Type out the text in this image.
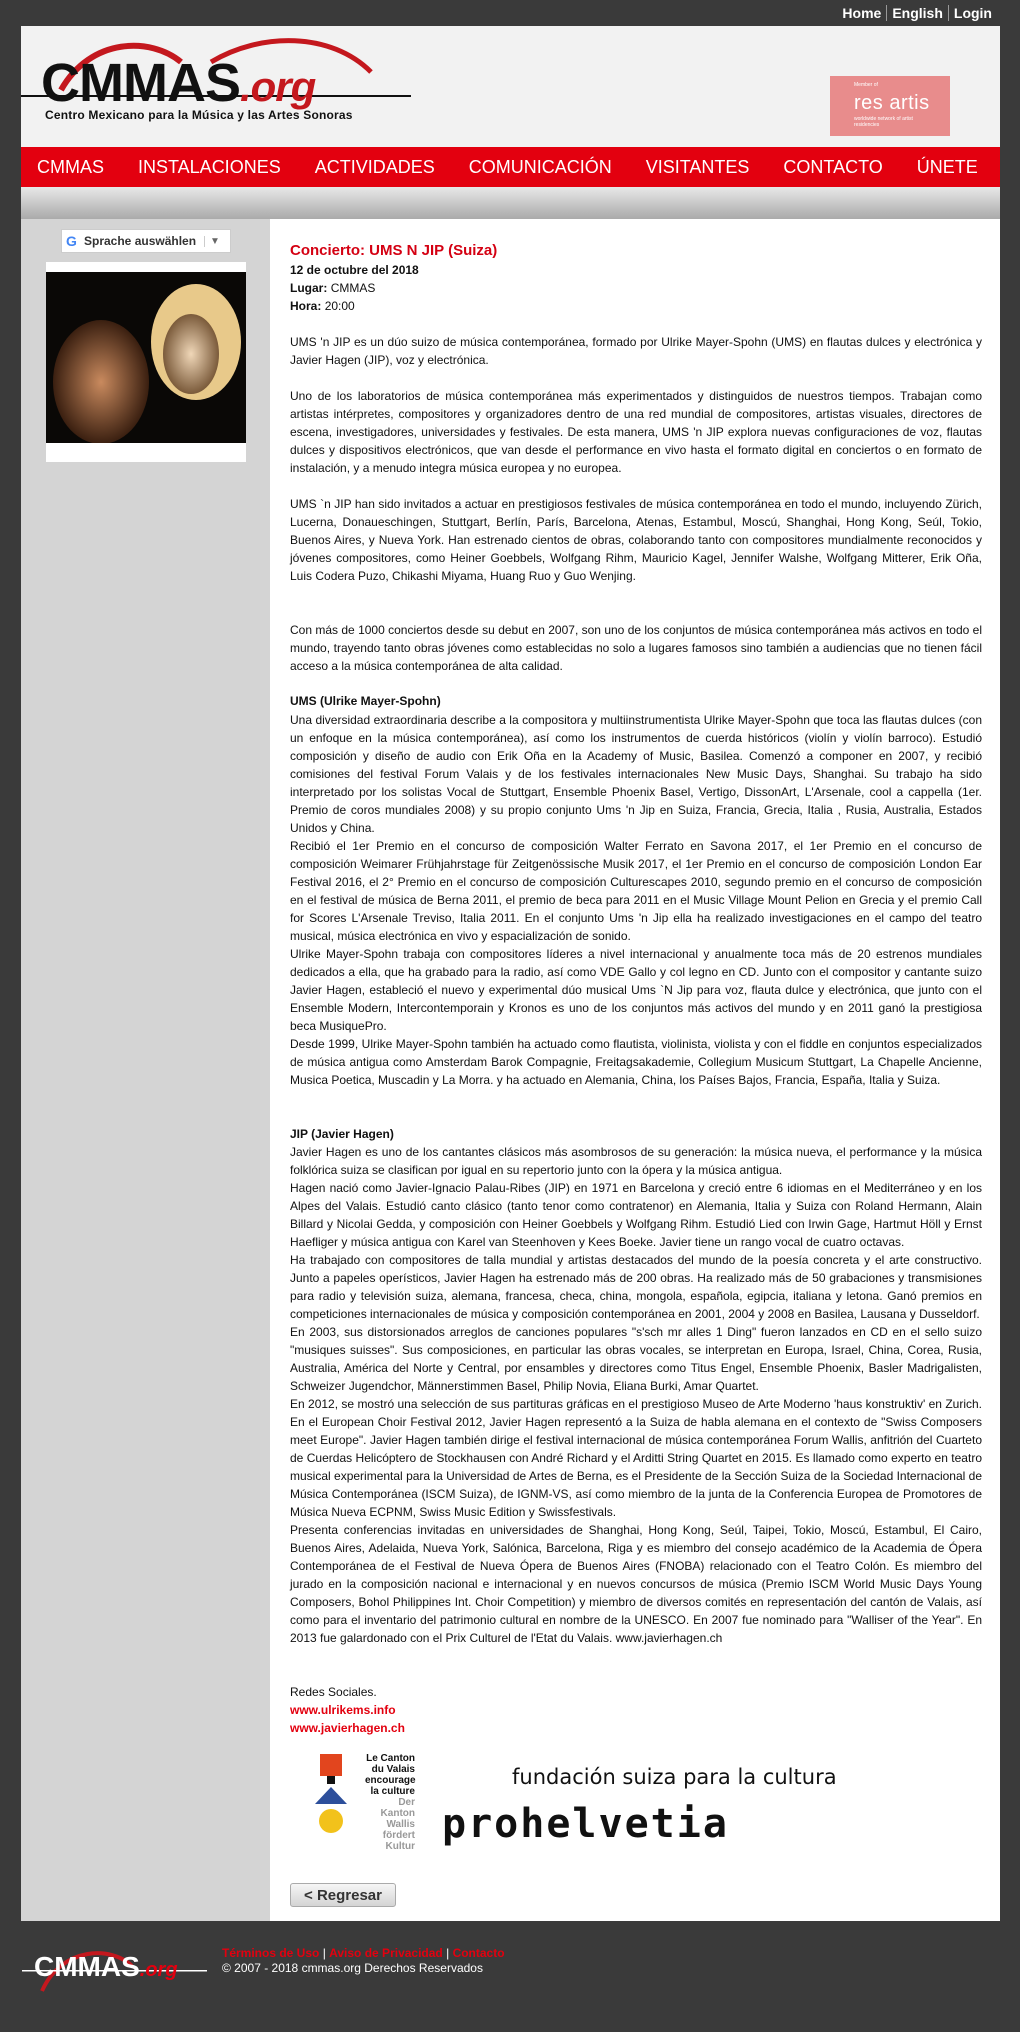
Home English Login
CMMAS.org
Centro Mexicano para la Música y las Artes Sonoras
Member of
res artis
worldwide network of artist residencies
CMMAS	INSTALACIONES	ACTIVIDADES	COMUNICACIÓN	VISITANTES	CONTACTO	ÚNETE
G Sprache auswählen	▼
Concierto: UMS N JIP (Suiza)
12 de octubre del 2018
Lugar: CMMAS
Hora: 20:00

UMS 'n JIP es un dúo suizo de música contemporánea, formado por Ulrike Mayer-Spohn (UMS) en flautas dulces y electrónica y Javier Hagen (JIP), voz y electrónica.

Uno de los laboratorios de música contemporánea más experimentados y distinguidos de nuestros tiempos. Trabajan como artistas intérpretes, compositores y organizadores dentro de una red mundial de compositores, artistas visuales, directores de escena, investigadores, universidades y festivales. De esta manera, UMS 'n JIP explora nuevas configuraciones de voz, flautas dulces y dispositivos electrónicos, que van desde el performance en vivo hasta el formato digital en conciertos o en formato de instalación, y a menudo integra música europea y no europea.

UMS `n JIP han sido invitados a actuar en prestigiosos festivales de música contemporánea en todo el mundo, incluyendo Zürich, Lucerna, Donaueschingen, Stuttgart, Berlín, París, Barcelona, Atenas, Estambul, Moscú, Shanghai, Hong Kong, Seúl, Tokio, Buenos Aires, y Nueva York. Han estrenado cientos de obras, colaborando tanto con compositores mundialmente reconocidos y jóvenes compositores, como Heiner Goebbels, Wolfgang Rihm, Mauricio Kagel, Jennifer Walshe, Wolfgang Mitterer, Erik Oña, Luis Codera Puzo, Chikashi Miyama, Huang Ruo y Guo Wenjing.

Con más de 1000 conciertos desde su debut en 2007, son uno de los conjuntos de música contemporánea más activos en todo el mundo, trayendo tanto obras jóvenes como establecidas no solo a lugares famosos sino también a audiencias que no tienen fácil acceso a la música contemporánea de alta calidad.

UMS (Ulrike Mayer-Spohn)

Una diversidad extraordinaria describe a la compositora y multiinstrumentista Ulrike Mayer-Spohn que toca las flautas dulces (con un enfoque en la música contemporánea), así como los instrumentos de cuerda históricos (violín y violín barroco). Estudió composición y diseño de audio con Erik Oña en la Academy of Music, Basilea. Comenzó a componer en 2007, y recibió comisiones del festival Forum Valais y de los festivales internacionales New Music Days, Shanghai. Su trabajo ha sido interpretado por los solistas Vocal de Stuttgart, Ensemble Phoenix Basel, Vertigo, DissonArt, L'Arsenale, cool a cappella (1er. Premio de coros mundiales 2008) y su propio conjunto Ums 'n Jip en Suiza, Francia, Grecia, Italia , Rusia, Australia, Estados Unidos y China.
Recibió el 1er Premio en el concurso de composición Walter Ferrato en Savona 2017, el 1er Premio en el concurso de composición Weimarer Frühjahrstage für Zeitgenössische Musik 2017, el 1er Premio en el concurso de composición London Ear Festival 2016, el 2° Premio en el concurso de composición Culturescapes 2010, segundo premio en el concurso de composición en el festival de música de Berna 2011, el premio de beca para 2011 en el Music Village Mount Pelion en Grecia y el premio Call for Scores L'Arsenale Treviso, Italia 2011. En el conjunto Ums 'n Jip ella ha realizado investigaciones en el campo del teatro musical, música electrónica en vivo y espacialización de sonido.
Ulrike Mayer-Spohn trabaja con compositores líderes a nivel internacional y anualmente toca más de 20 estrenos mundiales dedicados a ella, que ha grabado para la radio, así como VDE Gallo y col legno en CD. Junto con el compositor y cantante suizo Javier Hagen, estableció el nuevo y experimental dúo musical Ums `N Jip para voz, flauta dulce y electrónica, que junto con el Ensemble Modern, Intercontemporain y Kronos es uno de los conjuntos más activos del mundo y en 2011 ganó la prestigiosa beca MusiquePro.
Desde 1999, Ulrike Mayer-Spohn también ha actuado como flautista, violinista, violista y con el fiddle en conjuntos especializados de música antigua como Amsterdam Barok Compagnie, Freitagsakademie, Collegium Musicum Stuttgart, La Chapelle Ancienne, Musica Poetica, Muscadin y La Morra. y ha actuado en Alemania, China, los Países Bajos, Francia, España, Italia y Suiza.

JIP (Javier Hagen)

Javier Hagen es uno de los cantantes clásicos más asombrosos de su generación: la música nueva, el performance y la música folklórica suiza se clasifican por igual en su repertorio junto con la ópera y la música antigua.
Hagen nació como Javier-Ignacio Palau-Ribes (JIP) en 1971 en Barcelona y creció entre 6 idiomas en el Mediterráneo y en los Alpes del Valais. Estudió canto clásico (tanto tenor como contratenor) en Alemania, Italia y Suiza con Roland Hermann, Alain Billard y Nicolai Gedda, y composición con Heiner Goebbels y Wolfgang Rihm. Estudió Lied con Irwin Gage, Hartmut Höll y Ernst Haefliger y música antigua con Karel van Steenhoven y Kees Boeke. Javier tiene un rango vocal de cuatro octavas.
Ha trabajado con compositores de talla mundial y artistas destacados del mundo de la poesía concreta y el arte constructivo. Junto a papeles operísticos, Javier Hagen ha estrenado más de 200 obras. Ha realizado más de 50 grabaciones y transmisiones para radio y televisión suiza, alemana, francesa, checa, china, mongola, española, egipcia, italiana y letona. Ganó premios en competiciones internacionales de música y composición contemporánea en 2001, 2004 y 2008 en Basilea, Lausana y Dusseldorf.
En 2003, sus distorsionados arreglos de canciones populares "s'sch mr alles 1 Ding" fueron lanzados en CD en el sello suizo "musiques suisses". Sus composiciones, en particular las obras vocales, se interpretan en Europa, Israel, China, Corea, Rusia, Australia, América del Norte y Central, por ensambles y directores como Titus Engel, Ensemble Phoenix, Basler Madrigalisten, Schweizer Jugendchor, Männerstimmen Basel, Philip Novia, Eliana Burki, Amar Quartet.
En 2012, se mostró una selección de sus partituras gráficas en el prestigioso Museo de Arte Moderno 'haus konstruktiv' en Zurich. En el European Choir Festival 2012, Javier Hagen representó a la Suiza de habla alemana en el contexto de "Swiss Composers meet Europe". Javier Hagen también dirige el festival internacional de música contemporánea Forum Wallis, anfitrión del Cuarteto de Cuerdas Helicóptero de Stockhausen con André Richard y el Arditti String Quartet en 2015. Es llamado como experto en teatro musical experimental para la Universidad de Artes de Berna, es el Presidente de la Sección Suiza de la Sociedad Internacional de Música Contemporánea (ISCM Suiza), de IGNM-VS, así como miembro de la junta de la Conferencia Europea de Promotores de Música Nueva ECPNM, Swiss Music Edition y Swissfestivals.
Presenta conferencias invitadas en universidades de Shanghai, Hong Kong, Seúl, Taipei, Tokio, Moscú, Estambul, El Cairo, Buenos Aires, Adelaida, Nueva York, Salónica, Barcelona, Riga y es miembro del consejo académico de la Academia de Ópera Contemporánea de el Festival de Nueva Ópera de Buenos Aires (FNOBA) relacionado con el Teatro Colón. Es miembro del jurado en la composición nacional e internacional y en nuevos concursos de música (Premio ISCM World Music Days Young Composers, Bohol Philippines Int. Choir Competition) y miembro de diversos comités en representación del cantón de Valais, así como para el inventario del patrimonio cultural en nombre de la UNESCO. En 2007 fue nominado para "Walliser of the Year". En 2013 fue galardonado con el Prix Culturel de l'Etat du Valais. www.javierhagen.ch

Redes Sociales.
www.ulrikems.info
www.javierhagen.ch
Le Canton
du Valais
encourage
la culture
Der Kanton
Wallis
fördert Kultur
fundación suiza para la cultura
prohelvetia
< Regresar
CMMAS.org
Términos de Uso | Aviso de Privacidad | Contacto
© 2007 - 2018 cmmas.org Derechos Reservados
